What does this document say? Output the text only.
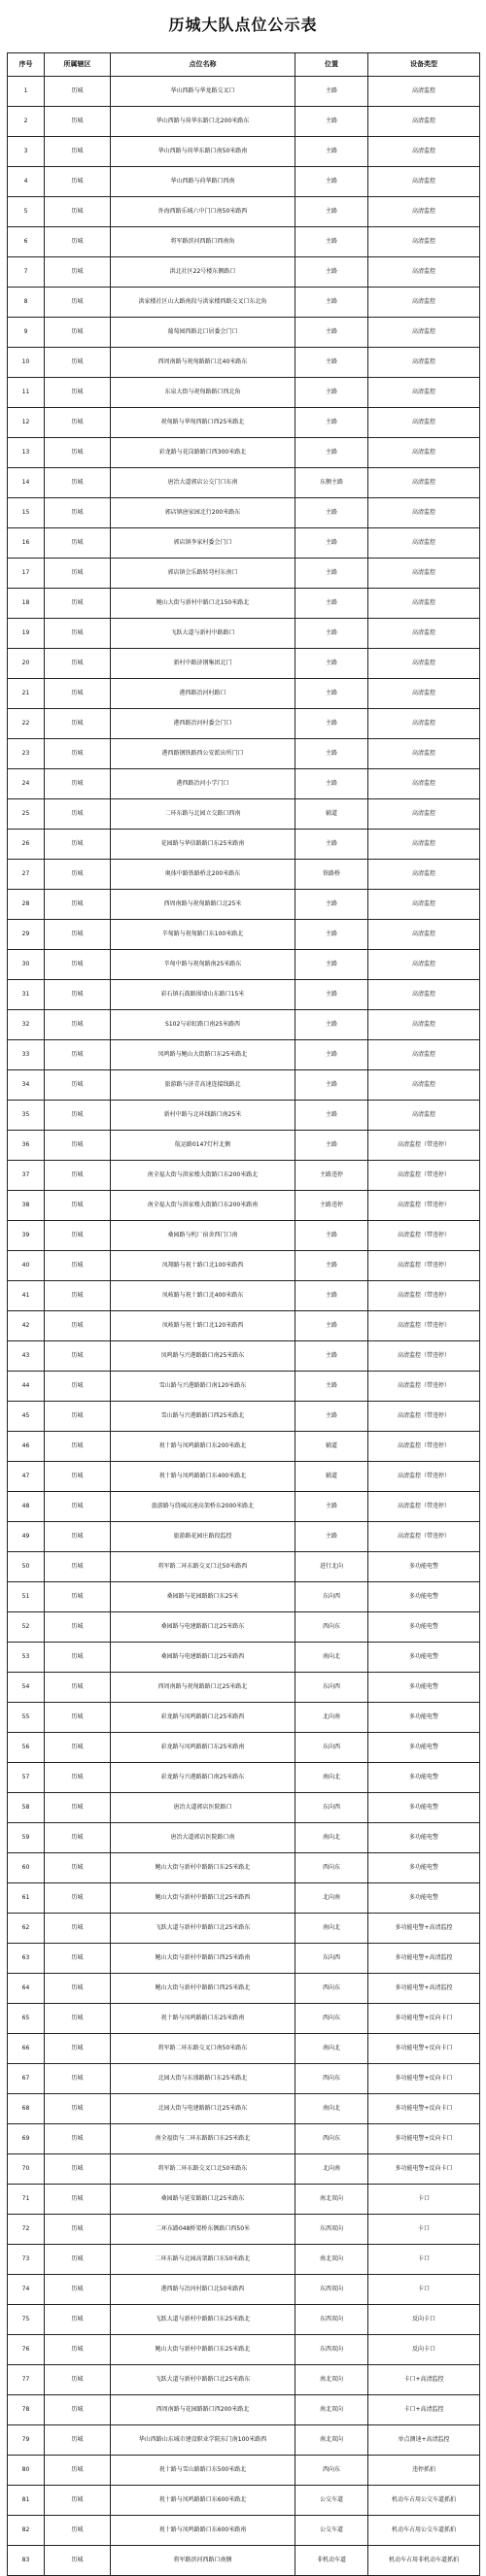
历城大队点位公示表
序号	所属辖区	点位名称	位置	设备类型
1	历城	华山西路与华龙路交叉口	主路	高清监控
2	历城	华山西路与荷华东路口北200米路东	主路	高清监控
3	历城	华山西路与荷华东路口南50米路南	主路	高清监控
4	历城	华山西路与荷华路口西南	主路	高清监控
5	历城	外海西路乐城六中门口南50米路西	主路	高清监控
6	历城	将军路滨河西路口西南角	主路	高清监控
7	历城	洪北社区22号楼东侧路口	主路	高清监控
8	历城	洪家楼社区山大路南段与洪家楼西路交叉口东北角	主路	高清监控
9	历城	葡萄园西路北口居委会门口	主路	高清监控
10	历城	西周南路与祝甸路路口北40米路东	主路	高清监控
11	历城	东泉大街与祝甸路路口西北角	主路	高清监控
12	历城	祝甸路与华甸西路口西25米路北	主路	高清监控
13	历城	彩龙路与花岗路路口西300米路北	主路	高清监控
14	历城	唐冶大道郭店公交门口东南	东侧主路	高清监控
15	历城	郭店镇唐家园北行200米路东	主路	高清监控
16	历城	郭店镇李家村委会门口	主路	高清监控
17	历城	郭店镇会乐路转弯村东南口	主路	高清监控
18	历城	鲍山大街与新村中路口北150米路北	主路	高清监控
19	历城	飞跃大道与新村中路路口	主路	高清监控
20	历城	新村中路济钢集团北门	主路	高清监控
21	历城	港西路冶河村路口	主路	高清监控
22	历城	港西路冶河村委会门口	主路	高清监控
23	历城	港西路钢铁路西公安派出所门口	主路	高清监控
24	历城	港西路冶河小学门口	主路	高清监控
25	历城	二环东路与北园立交路口西南	辅道	高清监控
26	历城	花园路与华信路路口东25米路南	主路	高清监控
27	历城	奥体中路铁路桥北200米路东	铁路桥	高清监控
28	历城	西周南路与祝甸路路口北25米	主路	高清监控
29	历城	辛甸路与祝甸路口东100米路北	主路	高清监控
30	历城	辛甸中路与祝甸路南25米路东	主路	高清监控
31	历城	彩石镇石鼓路围墙山东路口15米	主路	高清监控
32	历城	S102与彩虹路口南25米路西	主路	高清监控
33	历城	凤鸣路与鲍山大街路口东25米路北	主路	高清监控
34	历城	旅游路与济青高速连接线路北	主路	高清监控
35	历城	新村中路与北环线路口南25米	主路	高清监控
36	历城	航运路0147灯杆北侧	主路	高清监控（带违停）
37	历城	南全福大街与洪家楼大街路口东200米路北	主路违停	高清监控（带违停）
38	历城	南全福大街与洪家楼大街路口东200米路南	主路违停	高清监控（带违停）
39	历城	桑园路与机厂宿舍西门口南	主路	高清监控（带违停）
40	历城	凤翔路与祝十路口北100米路西	主路	高清监控（带违停）
41	历城	凤岐路与祝十路口北400米路东	主路	高清监控（带违停）
42	历城	凤岐路与祝十路口北120米路西	主路	高清监控（带违停）
43	历城	凤鸣路与兴港路路口南25米路东	主路	高清监控（带违停）
44	历城	雪山路与兴港路路口南120米路东	主路	高清监控（带违停）
45	历城	雪山路与兴港路路口西25米路北	主路	高清监控（带违停）
46	历城	祝十路与凤鸣路路口东200米路北	辅道	高清监控（带违停）
47	历城	祝十路与凤鸣路路口东400米路北	辅道	高清监控（带违停）
48	历城	旅游路与绕城高速高架桥东2000米路北	主路	高清监控（带违停）
49	历城	旅游路花园庄路段监控	主路	高清监控（带违停）
50	历城	将军路二环东路交叉口北50米路西	进行北向	多功能电警
51	历城	桑园路与花园路路口东25米	东向西	多功能电警
52	历城	桑园路与电建路路口北25米路东	西向东	多功能电警
53	历城	桑园路与电建路路口北25米路西	南向北	多功能电警
54	历城	西周南路与祝甸路路口北25米路北	东向西	多功能电警
55	历城	彩龙路与凤鸣路路口北25米路西	北向南	多功能电警
56	历城	彩龙路与凤鸣路路口东25米路南	东向西	多功能电警
57	历城	彩龙路与兴港路路口南25米路东	南向北	多功能电警
58	历城	唐冶大道郭店医院路口	东向西	多功能电警
59	历城	唐冶大道郭店医院路口南	南向北	多功能电警
60	历城	鲍山大街与新村中路路口东25米路北	西向东	多功能电警
61	历城	鲍山大街与新村中路路口北25米路西	北向南	多功能电警
62	历城	飞跃大道与新村中路路口北25米路东	南向北	多功能电警+高清监控
63	历城	鲍山大街与新村中路路口西25米路南	东向西	多功能电警+高清监控
64	历城	鲍山大街与新村中路路口西25米路北	西向东	多功能电警+高清监控
65	历城	祝十路与凤鸣路路口东25米路南	西向东	多功能电警+反向卡口
66	历城	将军路二环东路交叉口南50米路东	南向北	多功能电警+反向卡口
67	历城	北园大街与东盛路路口东25米路北	西向东	多功能电警+反向卡口
68	历城	北园大街与电建路路口北25米路东	南向北	多功能电警+反向卡口
69	历城	南全福街与二环东路路口东25米路北	西向东	多功能电警+反向卡口
70	历城	将军路二环东路交叉口北50米路东	北向南	多功能电警+反向卡口
71	历城	桑园路与延安路路口北25米路东	南北双向	卡口
72	历城	二环东路048桥架桥东侧路口西50米	东西双向	卡口
73	历城	二环东路与北园高架路口东50米路北	南北双向	卡口
74	历城	港西路与冶河村路口北50米路西	东西双向	卡口
75	历城	飞跃大道与新村中路路口东25米路北	东西双向	反向卡口
76	历城	鲍山大街与新村中路路口东25米路北	东西双向	反向卡口
77	历城	飞跃大道与新村中路路口北25米路东	南北双向	卡口+高清监控
78	历城	西周南路与花园路路口西200米路北	南北双向	卡口+高清监控
79	历城	华山西路山东城市建设职业学院东门南100米路西	南北双向	单点测速+高清监控
80	历城	祝十路与雪山路路口东500米路北	西向东	违停抓拍
81	历城	祝十路与凤鸣路路口东600米路北	公交车道	机动车占用公交车道抓拍
82	历城	祝十路与凤鸣路路口东600米路南	公交车道	机动车占用公交车道抓拍
83	历城	将军路滨河西路口南侧	非机动车道	机动车占用非机动车道抓拍
